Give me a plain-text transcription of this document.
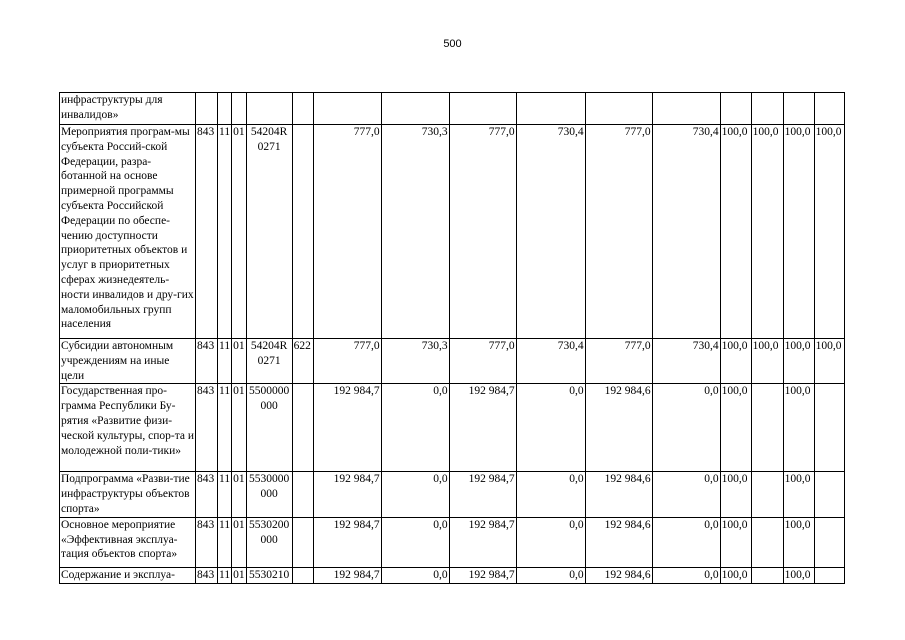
500
инфраструктуры для инвалидов»															
Мероприятия програм-мы субъекта Россий-ской Федерации, разра-ботанной на основе примерной программы субъекта Российской Федерации по обеспе-чению доступности приоритетных объектов и услуг в приоритетных сферах жизнедеятель-ности инвалидов и дру-гих маломобильных групп населения	843	11	01	54204R 0271		777,0	730,3	777,0	730,4	777,0	730,4	100,0	100,0	100,0	100,0
Субсидии автономным учреждениям на иные цели	843	11	01	54204R 0271	622	777,0	730,3	777,0	730,4	777,0	730,4	100,0	100,0	100,0	100,0
Государственная про-грамма Республики Бу-рятия «Развитие физи-ческой культуры, спор-та и молодежной поли-тики»	843	11	01	5500000 000		192 984,7	0,0	192 984,7	0,0	192 984,6	0,0	100,0		100,0	
Подпрограмма «Разви-тие инфраструктуры объектов спорта»	843	11	01	5530000 000		192 984,7	0,0	192 984,7	0,0	192 984,6	0,0	100,0		100,0	
Основное мероприятие «Эффективная эксплуа-тация объектов спорта»	843	11	01	5530200 000		192 984,7	0,0	192 984,7	0,0	192 984,6	0,0	100,0		100,0	
Содержание и эксплуа-	843	11	01	5530210		192 984,7	0,0	192 984,7	0,0	192 984,6	0,0	100,0		100,0	
